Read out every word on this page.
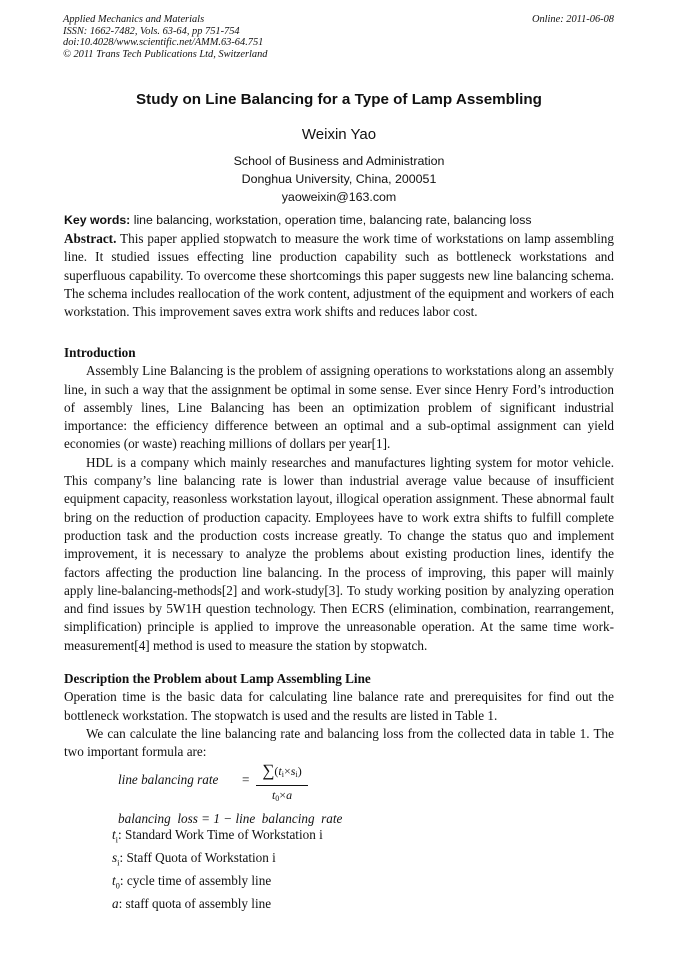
Applied Mechanics and Materials
ISSN: 1662-7482, Vols. 63-64, pp 751-754
doi:10.4028/www.scientific.net/AMM.63-64.751
© 2011 Trans Tech Publications Ltd, Switzerland
Online: 2011-06-08
Study on Line Balancing for a Type of Lamp Assembling
Weixin Yao
School of Business and Administration
Donghua University, China, 200051
yaoweixin@163.com
Key words: line balancing, workstation, operation time, balancing rate, balancing loss

Abstract. This paper applied stopwatch to measure the work time of workstations on lamp assembling line. It studied issues effecting line production capability such as bottleneck workstations and superfluous capability. To overcome these shortcomings this paper suggests new line balancing schema. The schema includes reallocation of the work content, adjustment of the equipment and workers of each workstation. This improvement saves extra work shifts and reduces labor cost.

Introduction

Assembly Line Balancing is the problem of assigning operations to workstations along an assembly line, in such a way that the assignment be optimal in some sense. Ever since Henry Ford’s introduction of assembly lines, Line Balancing has been an optimization problem of significant industrial importance: the efficiency difference between an optimal and a sub-optimal assignment can yield economies (or waste) reaching millions of dollars per year[1].

HDL is a company which mainly researches and manufactures lighting system for motor vehicle. This company’s line balancing rate is lower than industrial average value because of insufficient equipment capacity, reasonless workstation layout, illogical operation assignment. These abnormal fault bring on the reduction of production capacity. Employees have to work extra shifts to fulfill complete production task and the production costs increase greatly. To change the status quo and implement improvement, it is necessary to analyze the problems about existing production lines, identify the factors affecting the production line balancing. In the process of improving, this paper will mainly apply line-balancing-methods[2] and work-study[3]. To study working position by analyzing operation and find issues by 5W1H question technology. Then ECRS (elimination, combination, rearrangement, simplification) principle is applied to improve the unreasonable operation. At the same time work-measurement[4] method is used to measure the station by stopwatch.

Description the Problem about Lamp Assembling Line

Operation time is the basic data for calculating line balance rate and prerequisites for find out the bottleneck workstation. The stopwatch is used and the results are listed in Table 1.

We can calculate the line balancing rate and balancing loss from the collected data in table 1. The two important formula are:

line balancing rate = $\sum(t_i\times s_i)$
$t_0\times a$
balancing  loss = 1 − line  balancing  rate
$t_i$: Standard Work Time of Workstation i
$s_i$: Staff Quota of Workstation i
$t_0$: cycle time of assembly line
a: staff quota of assembly line
